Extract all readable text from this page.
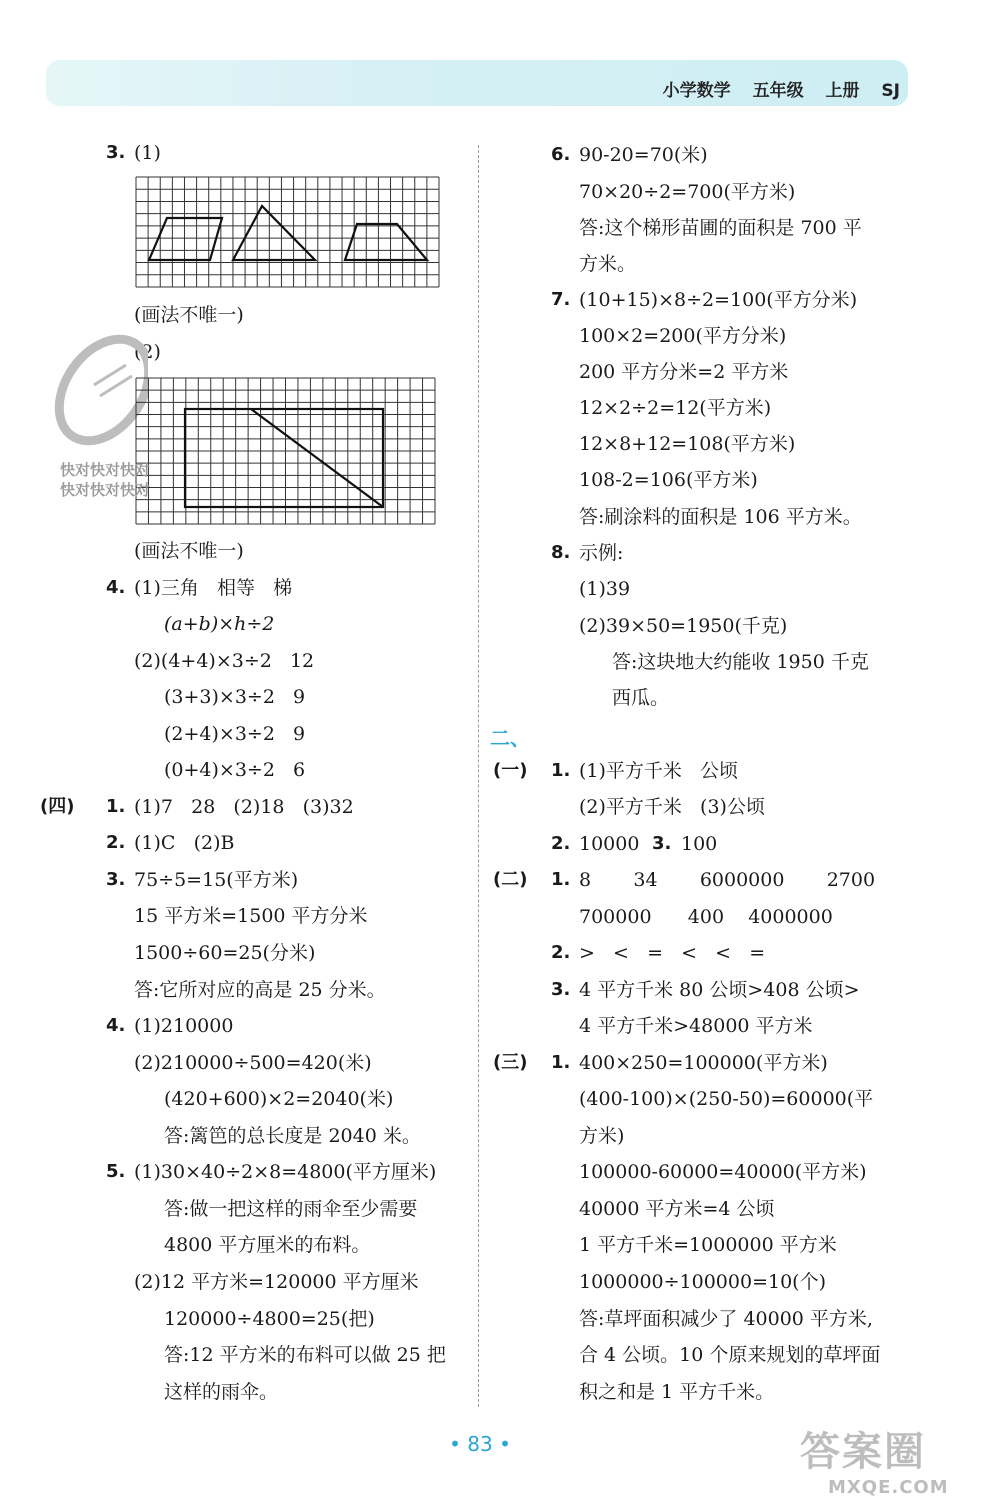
小学数学 五年级 上册 SJ
3. (1)
(画法不唯一)
(2)
快对快对快对
快对快对快对
(画法不唯一)
4. (1)三角   相等   梯
(a+b)×h÷2
(2)(4+4)×3÷2   12
(3+3)×3÷2   9
(2+4)×3÷2   9
(0+4)×3÷2   6
(四) 1. (1)7   28   (2)18   (3)32
2. (1)C   (2)B
3. 75÷5=15(平方米)
15 平方米=1500 平方分米
1500÷60=25(分米)
答:它所对应的高是 25 分米。
4. (1)210000
(2)210000÷500=420(米)
(420+600)×2=2040(米)
答:篱笆的总长度是 2040 米。
5. (1)30×40÷2×8=4800(平方厘米)
答:做一把这样的雨伞至少需要
4800 平方厘米的布料。
(2)12 平方米=120000 平方厘米
120000÷4800=25(把)
答:12 平方米的布料可以做 25 把
这样的雨伞。
6. 90-20=70(米)
70×20÷2=700(平方米)
答:这个梯形苗圃的面积是 700 平
方米。
7. (10+15)×8÷2=100(平方分米)
100×2=200(平方分米)
200 平方分米=2 平方米
12×2÷2=12(平方米)
12×8+12=108(平方米)
108-2=106(平方米)
答:刷涂料的面积是 106 平方米。
8. 示例:
(1)39
(2)39×50=1950(千克)
答:这块地大约能收 1950 千克
西瓜。
二、
(一) 1. (1)平方千米   公顷
(2)平方千米   (3)公顷
2. 10000 3. 100
(二) 1. 8       34       6000000       2700
700000      400    4000000
2. >   <   =   <   <   =
3. 4 平方千米 80 公顷>408 公顷>
4 平方千米>48000 平方米
(三) 1. 400×250=100000(平方米)
(400-100)×(250-50)=60000(平
方米)
100000-60000=40000(平方米)
40000 平方米=4 公顷
1 平方千米=1000000 平方米
1000000÷100000=10(个)
答:草坪面积减少了 40000 平方米,
合 4 公顷。10 个原来规划的草坪面
积之和是 1 平方千米。
• 83 •	答案圈
MXQE.COM
